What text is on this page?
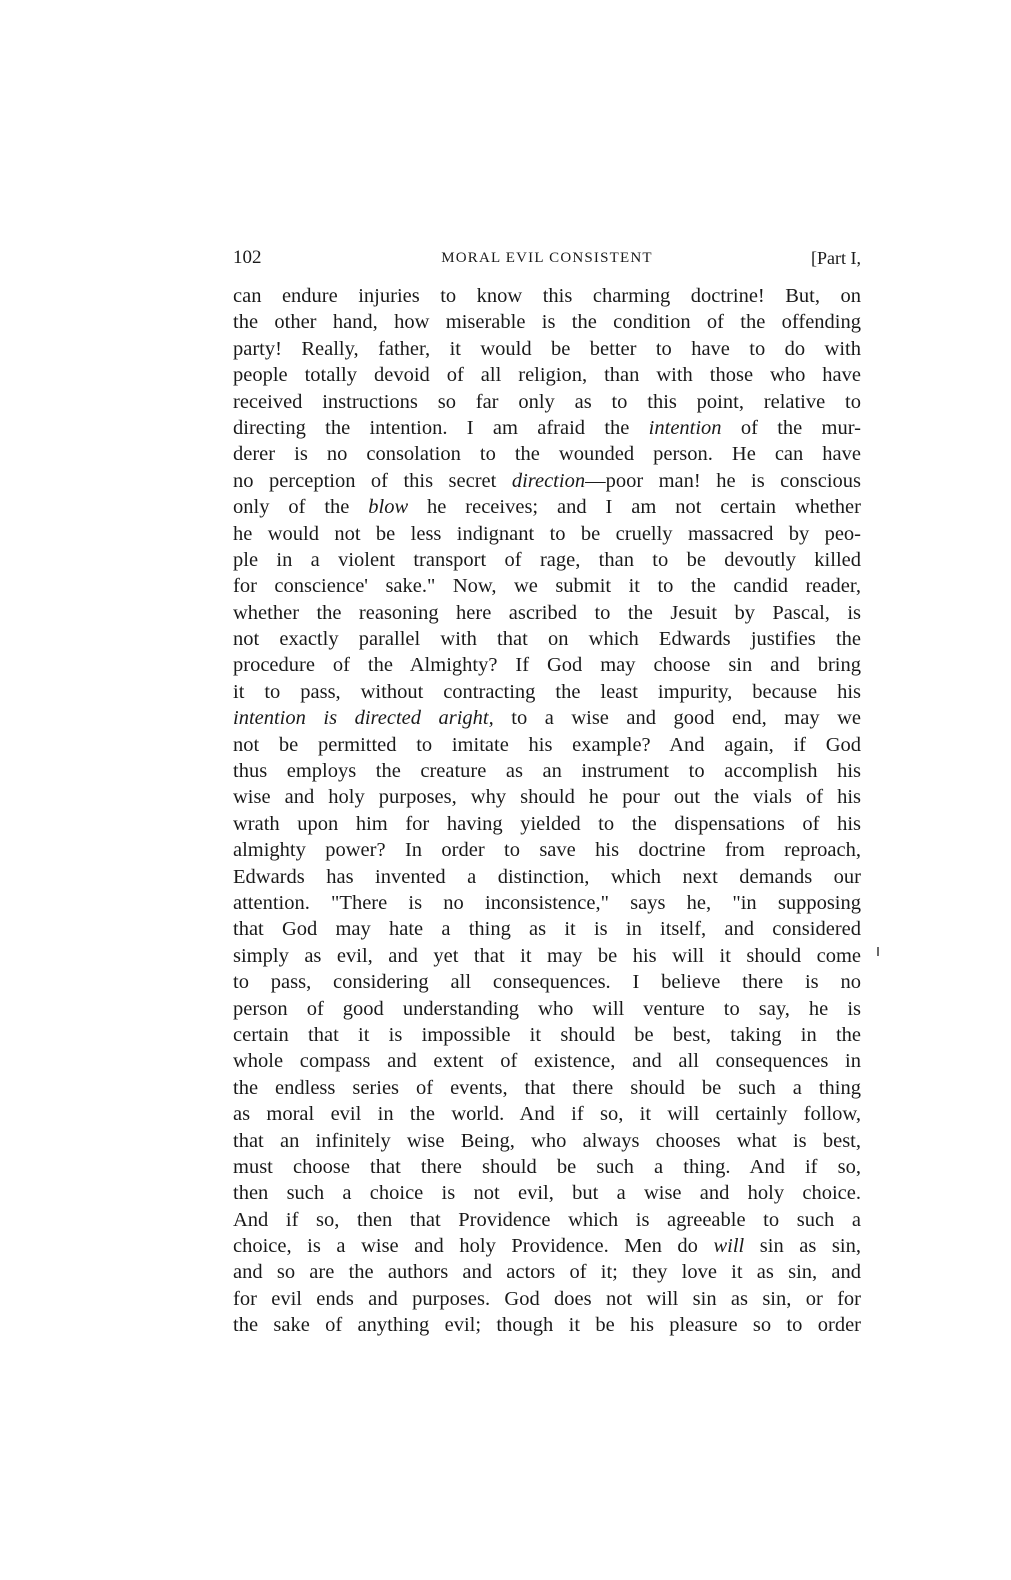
102	MORAL EVIL CONSISTENT	[Part I,
can endure injuries to know this charming doctrine! But, on
the other hand, how miserable is the condition of the offending
party! Really, father, it would be better to have to do with
people totally devoid of all religion, than with those who have
received instructions so far only as to this point, relative to
directing the intention. I am afraid the intention of the mur-
derer is no consolation to the wounded person. He can have
no perception of this secret direction—poor man! he is conscious
only of the blow he receives; and I am not certain whether
he would not be less indignant to be cruelly massacred by peo-
ple in a violent transport of rage, than to be devoutly killed
for conscience' sake." Now, we submit it to the candid reader,
whether the reasoning here ascribed to the Jesuit by Pascal, is
not exactly parallel with that on which Edwards justifies the
procedure of the Almighty? If God may choose sin and bring
it to pass, without contracting the least impurity, because his
intention is directed aright, to a wise and good end, may we
not be permitted to imitate his example? And again, if God
thus employs the creature as an instrument to accomplish his
wise and holy purposes, why should he pour out the vials of his
wrath upon him for having yielded to the dispensations of his
almighty power? In order to save his doctrine from reproach,
Edwards has invented a distinction, which next demands our
attention. "There is no inconsistence," says he, "in supposing
that God may hate a thing as it is in itself, and considered
simply as evil, and yet that it may be his will it should come
to pass, considering all consequences. I believe there is no
person of good understanding who will venture to say, he is
certain that it is impossible it should be best, taking in the
whole compass and extent of existence, and all consequences in
the endless series of events, that there should be such a thing
as moral evil in the world. And if so, it will certainly follow,
that an infinitely wise Being, who always chooses what is best,
must choose that there should be such a thing. And if so,
then such a choice is not evil, but a wise and holy choice.
And if so, then that Providence which is agreeable to such a
choice, is a wise and holy Providence. Men do will sin as sin,
and so are the authors and actors of it; they love it as sin, and
for evil ends and purposes. God does not will sin as sin, or for
the sake of anything evil; though it be his pleasure so to order
